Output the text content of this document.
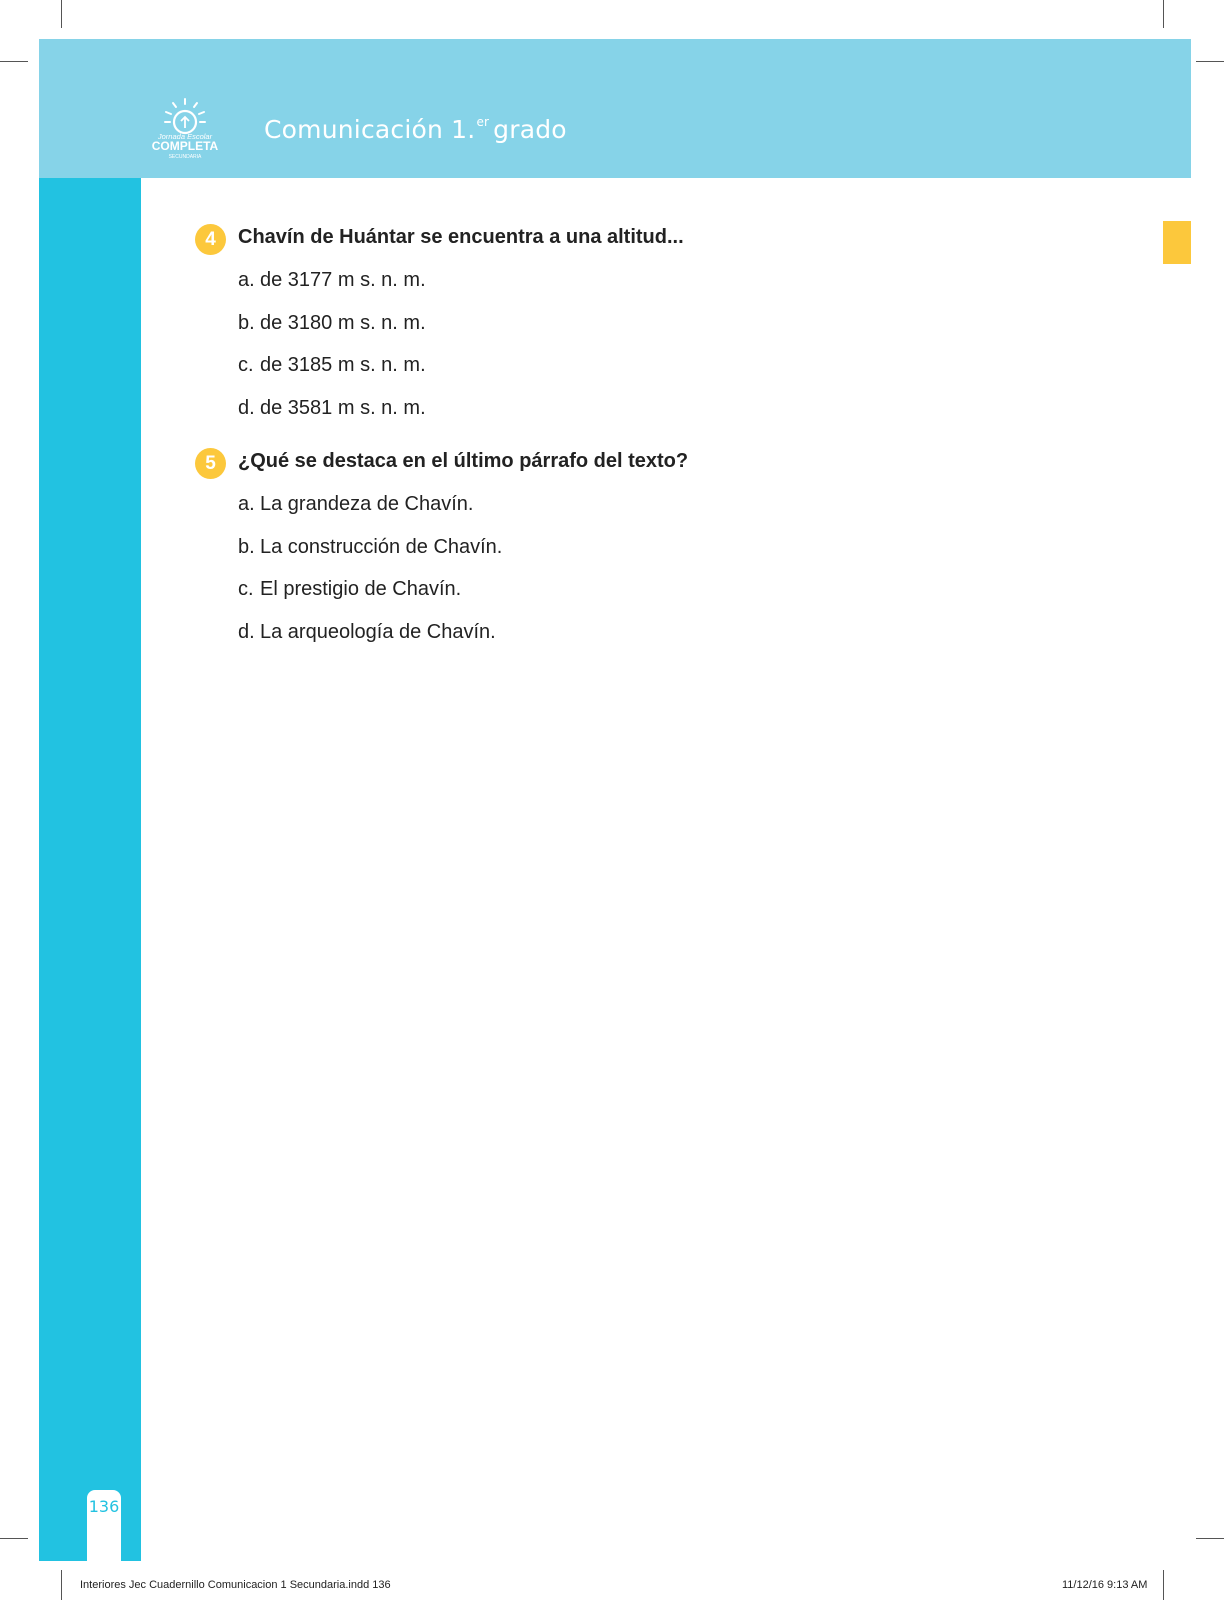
Jornada Escolar
COMPLETA
SECUNDARIA
Comunicación 1.$^{er}$ grado
4	Chavín de Huántar se encuentra a una altitud...
a. de 3177 m s. n. m.
b. de 3180 m s. n. m.
c. de 3185 m s. n. m.
d. de 3581 m s. n. m.
5	¿Qué se destaca en el último párrafo del texto?
a. La grandeza de Chavín.
b. La construcción de Chavín.
c. El prestigio de Chavín.
d. La arqueología de Chavín.
136
Interiores Jec Cuadernillo Comunicacion 1 Secundaria.indd 136	11/12/16 9:13 AM
